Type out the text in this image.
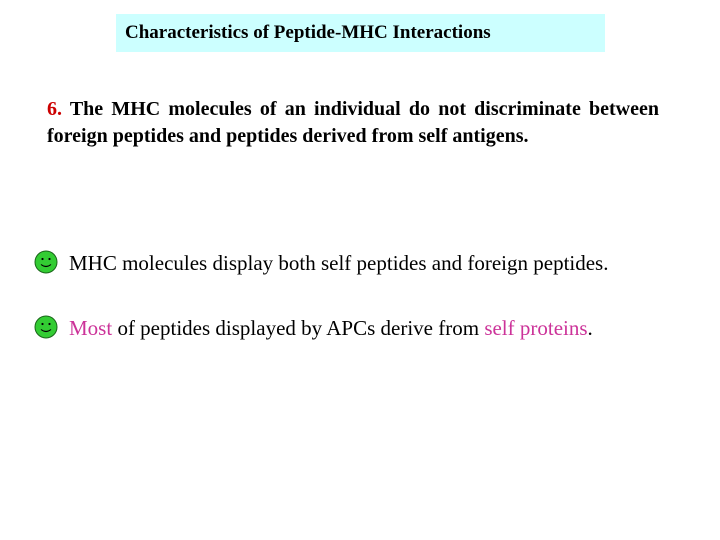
Characteristics of Peptide-MHC Interactions
6. The MHC molecules of an individual do not discriminate between foreign peptides and peptides derived from self antigens.
MHC molecules display both self peptides and foreign peptides.
Most of peptides displayed by APCs derive from self proteins.
